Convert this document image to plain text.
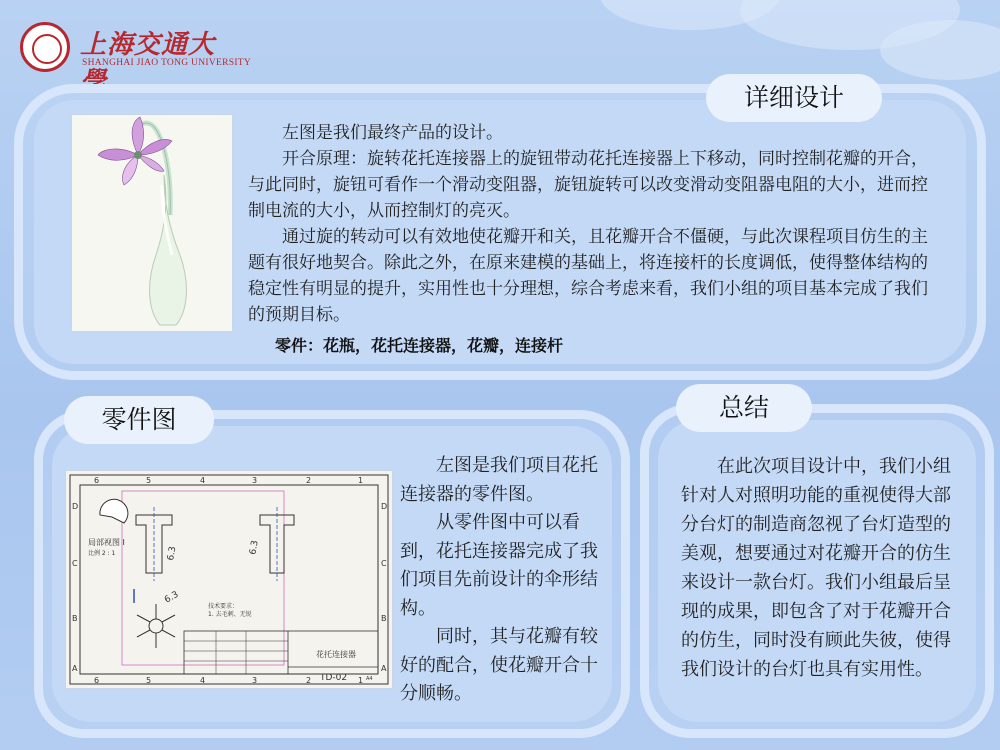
上海交通大學
SHANGHAI JIAO TONG UNIVERSITY
详细设计

左图是我们最终产品的设计。

开合原理：旋转花托连接器上的旋钮带动花托连接器上下移动，同时控制花瓣的开合，与此同时，旋钮可看作一个滑动变阻器，旋钮旋转可以改变滑动变阻器电阻的大小，进而控制电流的大小，从而控制灯的亮灭。

通过旋的转动可以有效地使花瓣开和关，且花瓣开合不僵硬，与此次课程项目仿生的主题有很好地契合。除此之外，在原来建模的基础上，将连接杆的长度调低，使得整体结构的稳定性有明显的提升，实用性也十分理想，综合考虑来看，我们小组的项目基本完成了我们的预期目标。

零件：花瓶，花托连接器，花瓣，连接杆
零件图
6	5	4	3	2	1
6	5	4	3	2	1
D
C
B
A
D
C
B
A
局部视图 I
比例 2 : 1
技术要求：
1. 去毛刺、无锐
花托连接器
TD-02	A4
6.3	6.3
6.3

左图是我们项目花托连接器的零件图。

从零件图中可以看到，花托连接器完成了我们项目先前设计的伞形结构。

同时，其与花瓣有较好的配合，使花瓣开合十分顺畅。

总结

在此次项目设计中，我们小组针对人对照明功能的重视使得大部分台灯的制造商忽视了台灯造型的美观，想要通过对花瓣开合的仿生来设计一款台灯。我们小组最后呈现的成果，即包含了对于花瓣开合的仿生，同时没有顾此失彼，使得我们设计的台灯也具有实用性。
